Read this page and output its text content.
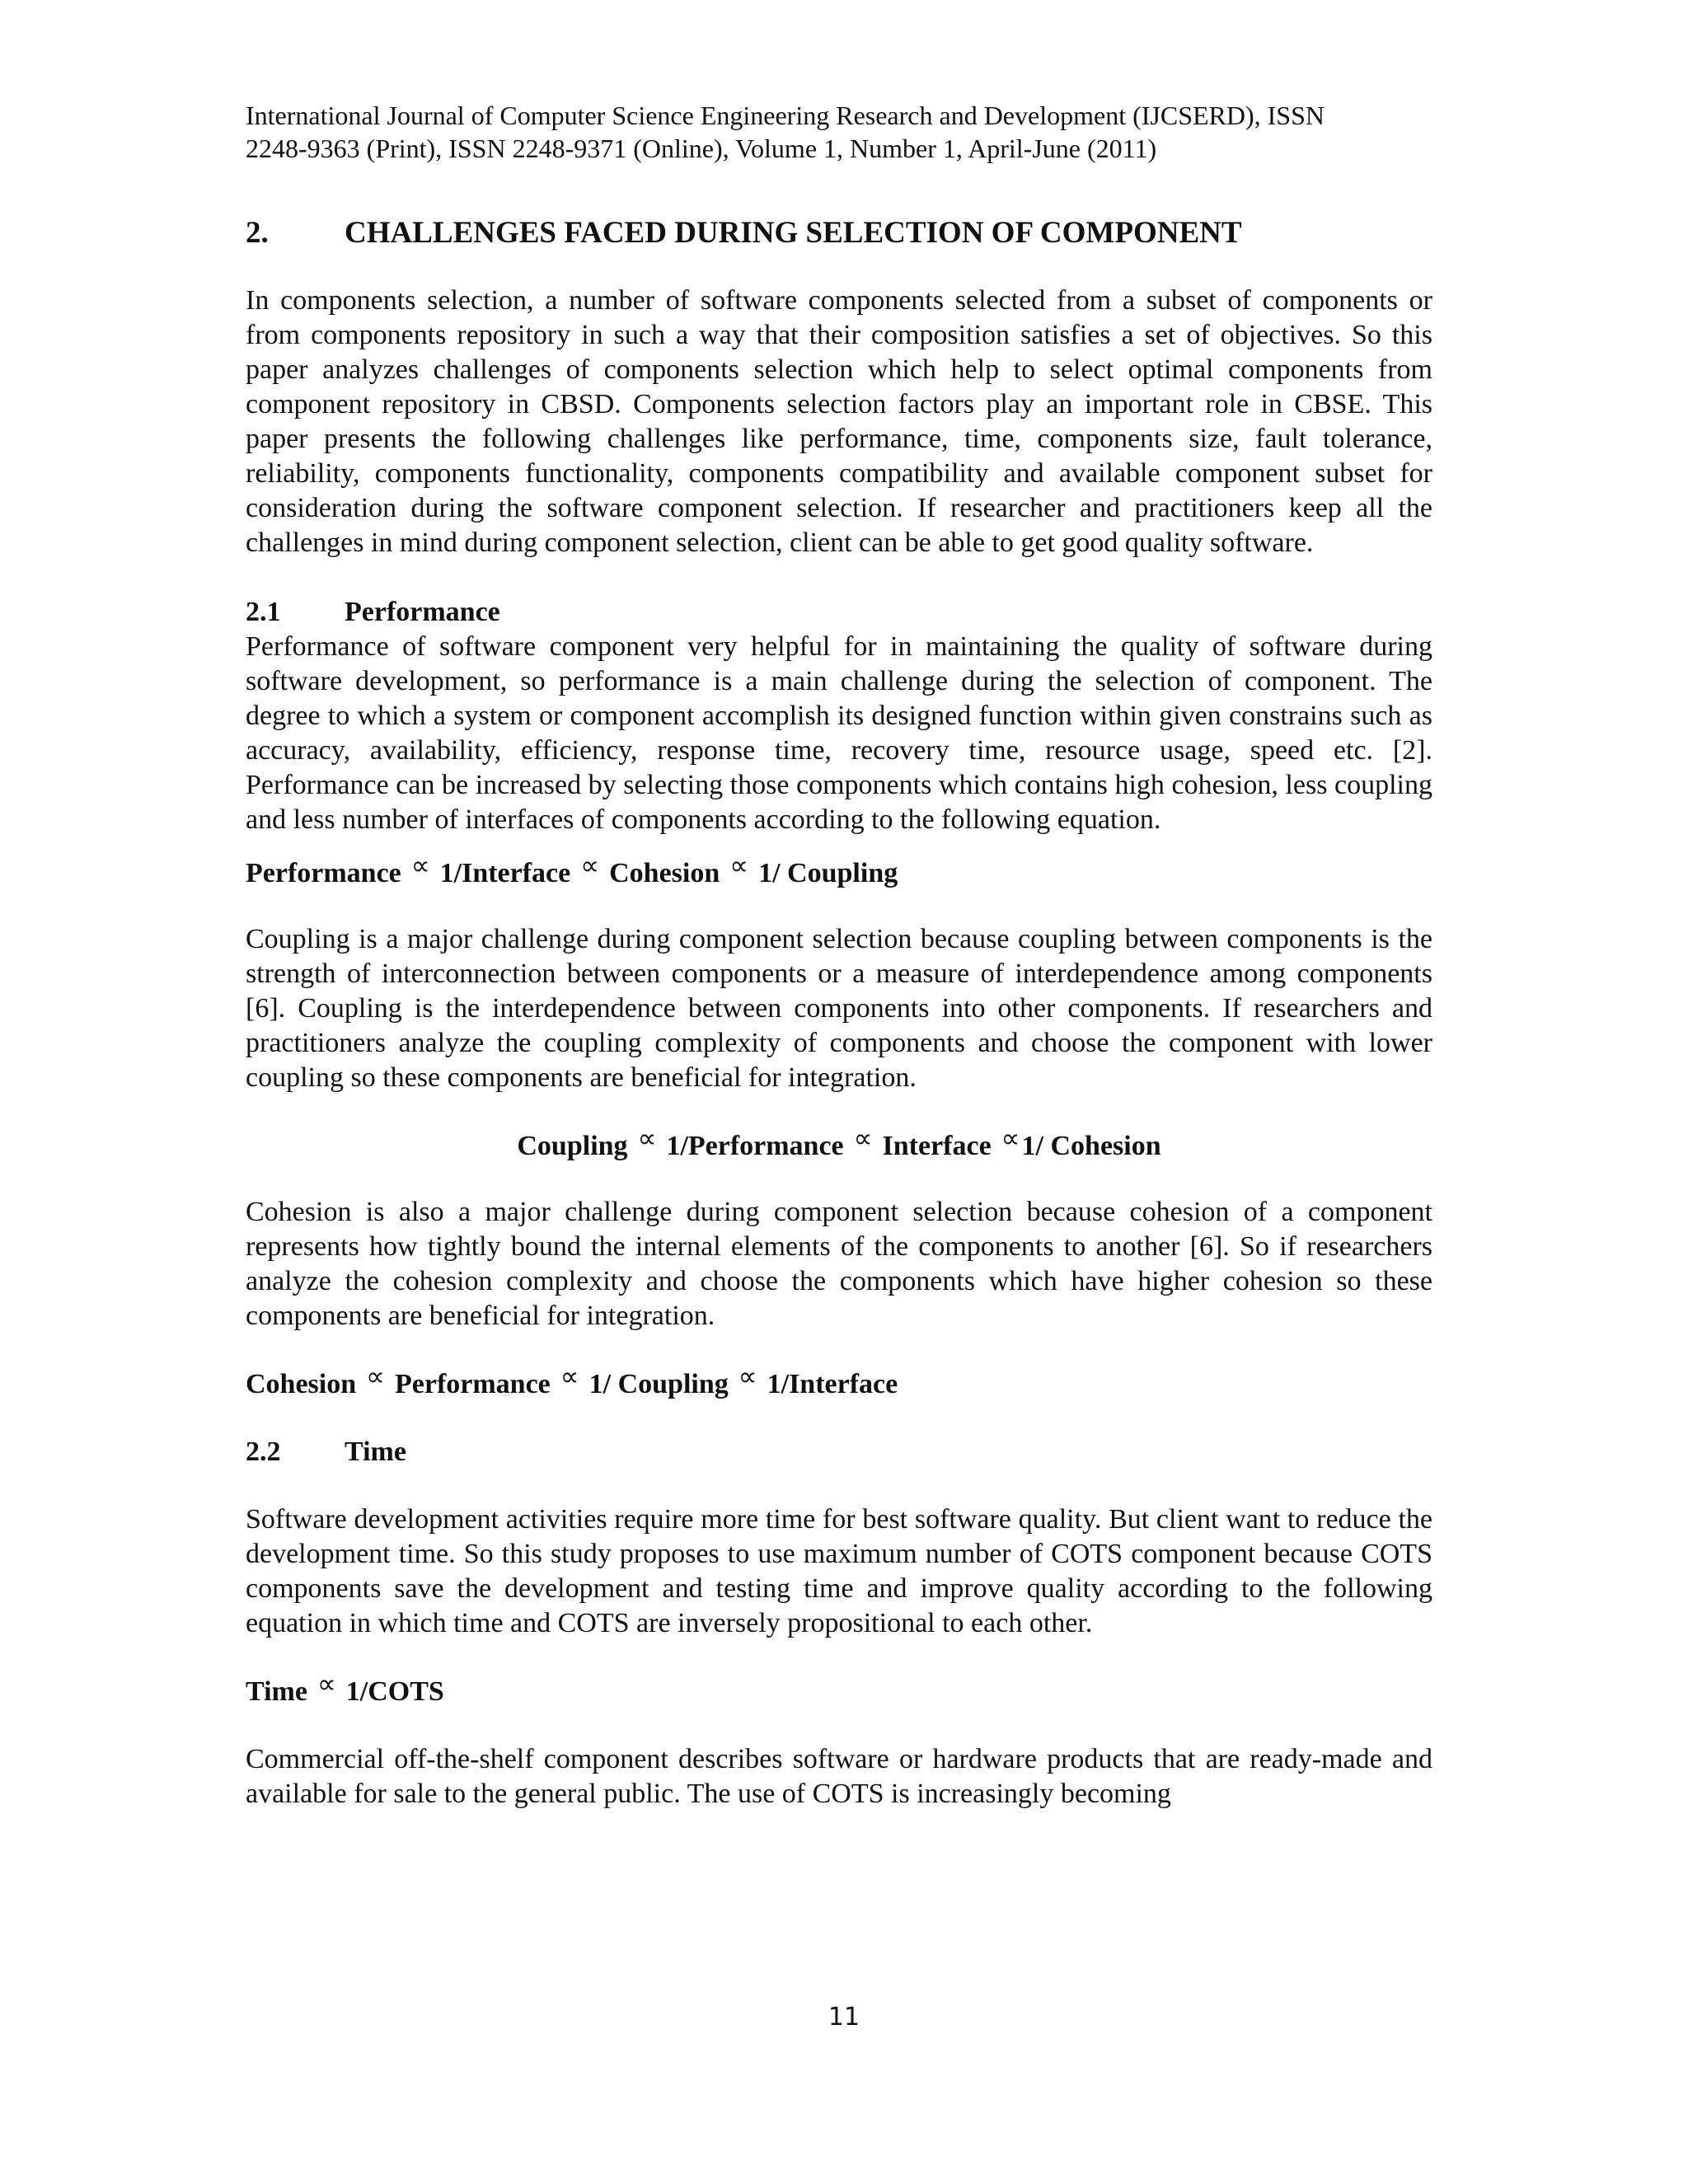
International Journal of Computer Science Engineering Research and Development (IJCSERD), ISSN

2248-9363 (Print), ISSN 2248-9371 (Online), Volume 1, Number 1, April-June (2011)

2.	CHALLENGES FACED DURING SELECTION OF COMPONENT

In components selection, a number of software components selected from a subset of components or from components repository in such a way that their composition satisfies a set of objectives. So this paper analyzes challenges of components selection which help to select optimal components from component repository in CBSD. Components selection factors play an important role in CBSE. This paper presents the following challenges like performance, time, components size, fault tolerance, reliability, components functionality, components compatibility and available component subset for consideration during the software component selection. If researcher and practitioners keep all the challenges in mind during component selection, client can be able to get good quality software.

2.1	Performance

Performance of software component very helpful for in maintaining the quality of software during software development, so performance is a main challenge during the selection of component. The degree to which a system or component accomplish its designed function within given constrains such as accuracy, availability, efficiency, response time, recovery time, resource usage, speed etc. [2]. Performance can be increased by selecting those components which contains high cohesion, less coupling and less number of interfaces of components according to the following equation.

Performance ∝ 1/Interface ∝ Cohesion ∝ 1/ Coupling

Coupling is a major challenge during component selection because coupling between components is the strength of interconnection between components or a measure of interdependence among components [6]. Coupling is the interdependence between components into other components. If researchers and practitioners analyze the coupling complexity of components and choose the component with lower coupling so these components are beneficial for integration.

Coupling ∝ 1/Performance ∝ Interface ∝1/ Cohesion

Cohesion is also a major challenge during component selection because cohesion of a component represents how tightly bound the internal elements of the components to another [6]. So if researchers analyze the cohesion complexity and choose the components which have higher cohesion so these components are beneficial for integration.

Cohesion ∝ Performance ∝ 1/ Coupling ∝ 1/Interface

2.2	Time

Software development activities require more time for best software quality. But client want to reduce the development time. So this study proposes to use maximum number of COTS component because COTS components save the development and testing time and improve quality according to the following equation in which time and COTS are inversely propositional to each other.

Time ∝ 1/COTS

Commercial off-the-shelf component describes software or hardware products that are ready-made and available for sale to the general public. The use of COTS is increasingly becoming

11
